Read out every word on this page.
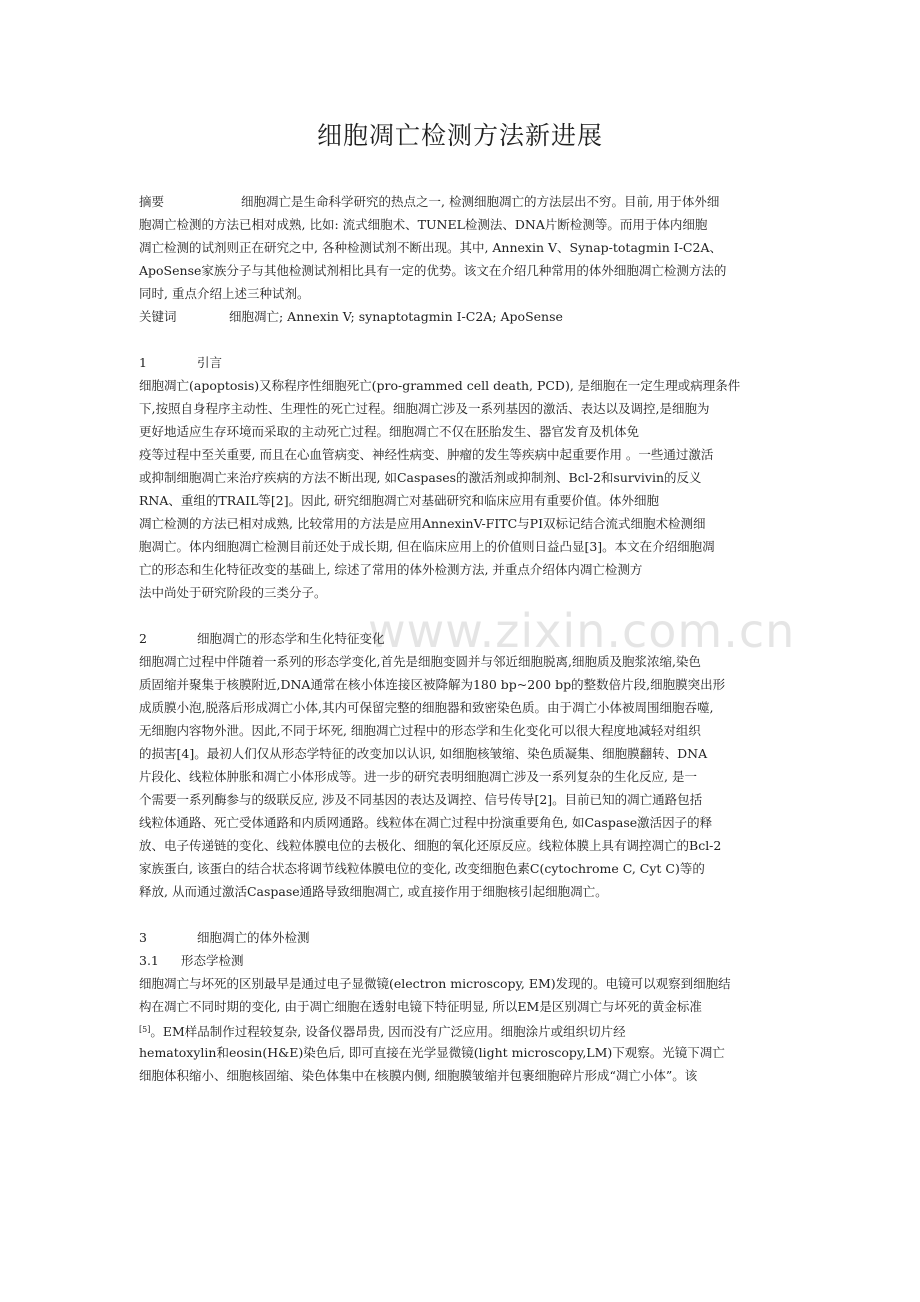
细胞凋亡检测方法新进展
www.zixin.com.cn
摘要	细胞凋亡是生命科学研究的热点之一, 检测细胞凋亡的方法层出不穷。目前, 用于体外细
胞凋亡检测的方法已相对成熟, 比如: 流式细胞术、TUNEL检测法、DNA片断检测等。而用于体内细胞
凋亡检测的试剂则正在研究之中, 各种检测试剂不断出现。其中, Annexin V、Synap-totagmin I-C2A、
ApoSense家族分子与其他检测试剂相比具有一定的优势。该文在介绍几种常用的体外细胞凋亡检测方法的
同时, 重点介绍上述三种试剂。
关键词	细胞凋亡; Annexin V; synaptotagmin I-C2A; ApoSense
1	引言
细胞凋亡(apoptosis)又称程序性细胞死亡(pro-grammed cell death, PCD), 是细胞在一定生理或病理条件
下,按照自身程序主动性、生理性的死亡过程。细胞凋亡涉及一系列基因的激活、表达以及调控,是细胞为
更好地适应生存环境而采取的主动死亡过程。细胞凋亡不仅在胚胎发生、器官发育及机体免
疫等过程中至关重要, 而且在心血管病变、神经性病变、肿瘤的发生等疾病中起重要作用 。一些通过激活
或抑制细胞凋亡来治疗疾病的方法不断出现, 如Caspases的激活剂或抑制剂、Bcl-2和survivin的反义
RNA、重组的TRAIL等[2]。因此, 研究细胞凋亡对基础研究和临床应用有重要价值。体外细胞
凋亡检测的方法已相对成熟, 比较常用的方法是应用AnnexinV-FITC与PI双标记结合流式细胞术检测细
胞凋亡。体内细胞凋亡检测目前还处于成长期, 但在临床应用上的价值则日益凸显[3]。本文在介绍细胞凋
亡的形态和生化特征改变的基础上, 综述了常用的体外检测方法, 并重点介绍体内凋亡检测方
法中尚处于研究阶段的三类分子。
2	细胞凋亡的形态学和生化特征变化
细胞凋亡过程中伴随着一系列的形态学变化,首先是细胞变圆并与邻近细胞脱离,细胞质及胞浆浓缩,染色
质固缩并聚集于核膜附近,DNA通常在核小体连接区被降解为180 bp~200 bp的整数倍片段,细胞膜突出形
成质膜小泡,脱落后形成凋亡小体,其内可保留完整的细胞器和致密染色质。由于凋亡小体被周围细胞吞噬,
无细胞内容物外泄。因此,不同于坏死, 细胞凋亡过程中的形态学和生化变化可以很大程度地减轻对组织
的损害[4]。最初人们仅从形态学特征的改变加以认识, 如细胞核皱缩、染色质凝集、细胞膜翻转、DNA
片段化、线粒体肿胀和凋亡小体形成等。进一步的研究表明细胞凋亡涉及一系列复杂的生化反应, 是一
个需要一系列酶参与的级联反应, 涉及不同基因的表达及调控、信号传导[2]。目前已知的凋亡通路包括
线粒体通路、死亡受体通路和内质网通路。线粒体在凋亡过程中扮演重要角色, 如Caspase激活因子的释
放、电子传递链的变化、线粒体膜电位的去极化、细胞的氧化还原反应。线粒体膜上具有调控凋亡的Bcl-2
家族蛋白, 该蛋白的结合状态将调节线粒体膜电位的变化, 改变细胞色素C(cytochrome C, Cyt C)等的
释放, 从而通过激活Caspase通路导致细胞凋亡, 或直接作用于细胞核引起细胞凋亡。
3	细胞凋亡的体外检测
3.1 形态学检测
细胞凋亡与坏死的区别最早是通过电子显微镜(electron microscopy, EM)发现的。电镜可以观察到细胞结
构在凋亡不同时期的变化, 由于凋亡细胞在透射电镜下特征明显, 所以EM是区别凋亡与坏死的黄金标准
[5]。EM样品制作过程较复杂, 设备仪器昂贵, 因而没有广泛应用。细胞涂片或组织切片经
hematoxylin和eosin(H&E)染色后, 即可直接在光学显微镜(light microscopy,LM)下观察。光镜下凋亡
细胞体积缩小、细胞核固缩、染色体集中在核膜内侧, 细胞膜皱缩并包裹细胞碎片形成“凋亡小体”。该
